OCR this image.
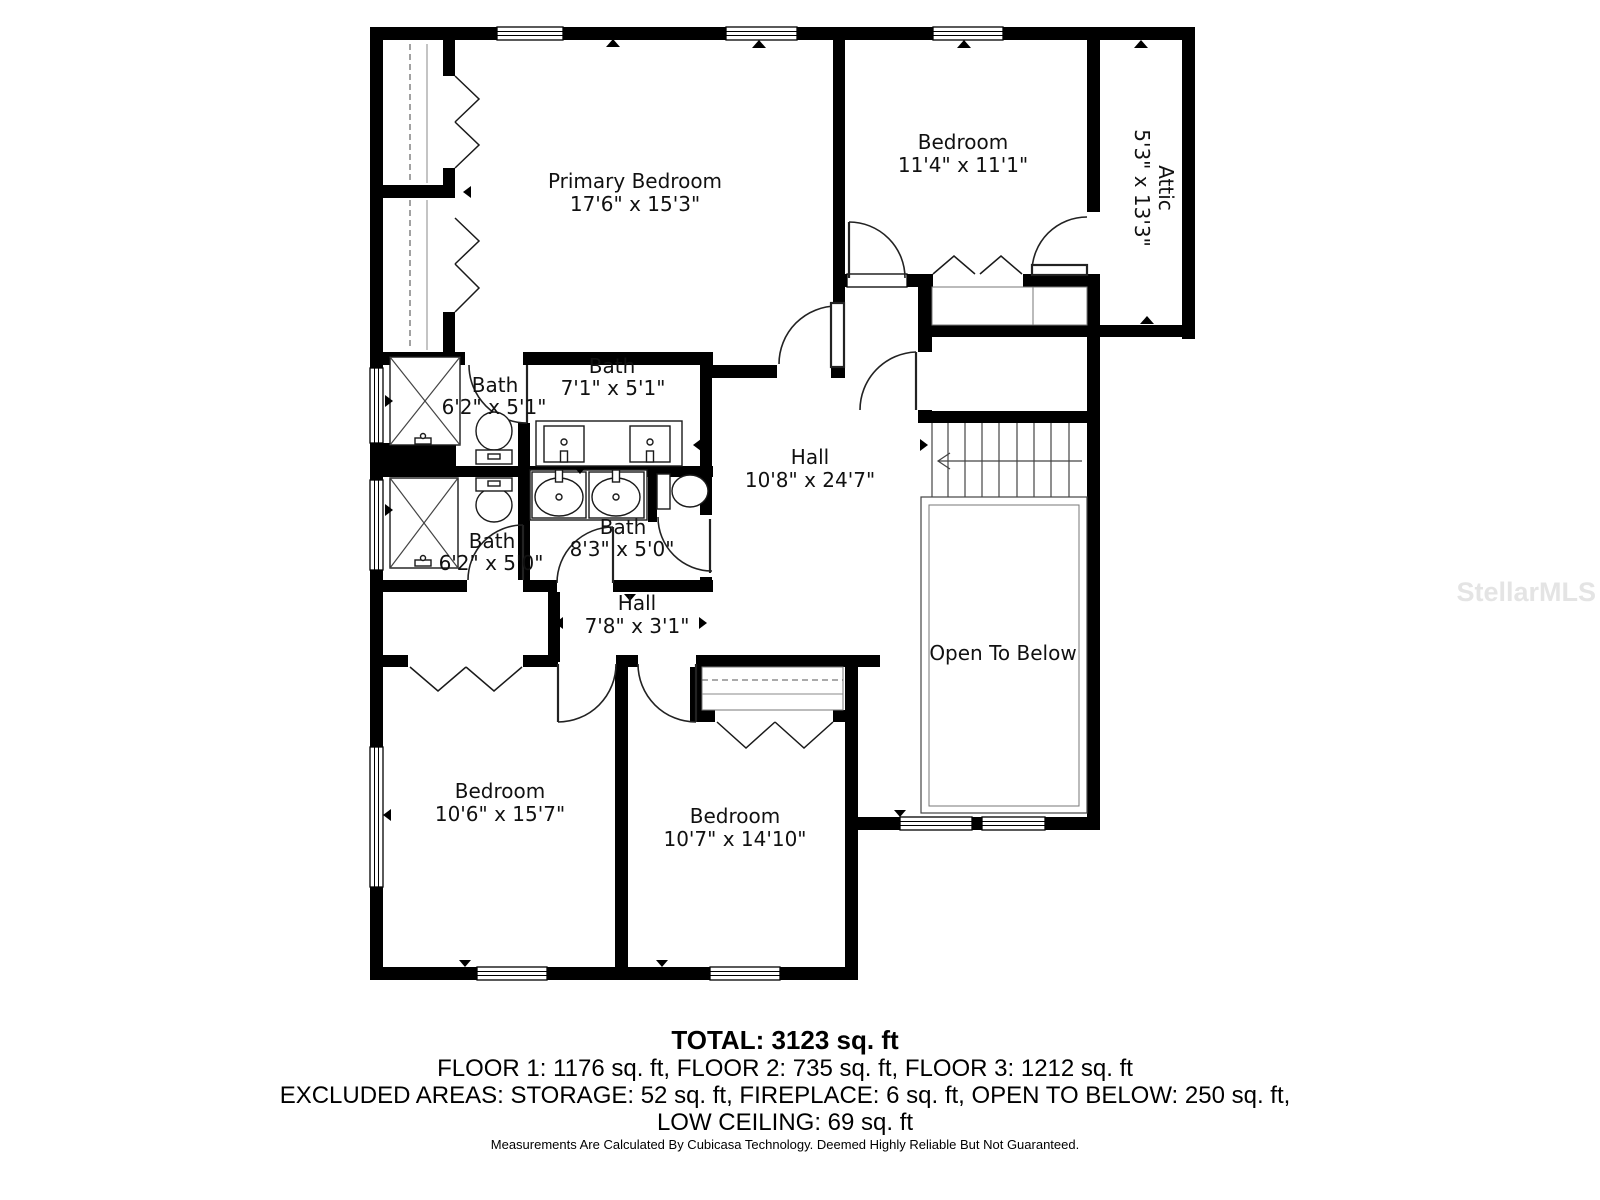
Primary Bedroom
17'6" x 15'3"
Bedroom
11'4" x 11'1"
Attic
5'3" x 13'3"
Bath
6'2" x 5'1"
Bath
7'1" x 5'1"
Bath
6'2" x 5'0"
Bath
8'3" x 5'0"
Hall
10'8" x 24'7"
Hall
7'8" x 3'1"
Open To Below
Bedroom
10'6" x 15'7"	Bedroom
10'7" x 14'10"
StellarMLS
TOTAL: 3123 sq. ft
FLOOR 1: 1176 sq. ft, FLOOR 2: 735 sq. ft, FLOOR 3: 1212 sq. ft
EXCLUDED AREAS: STORAGE: 52 sq. ft, FIREPLACE: 6 sq. ft, OPEN TO BELOW: 250 sq. ft,
LOW CEILING: 69 sq. ft
Measurements Are Calculated By Cubicasa Technology. Deemed Highly Reliable But Not Guaranteed.
